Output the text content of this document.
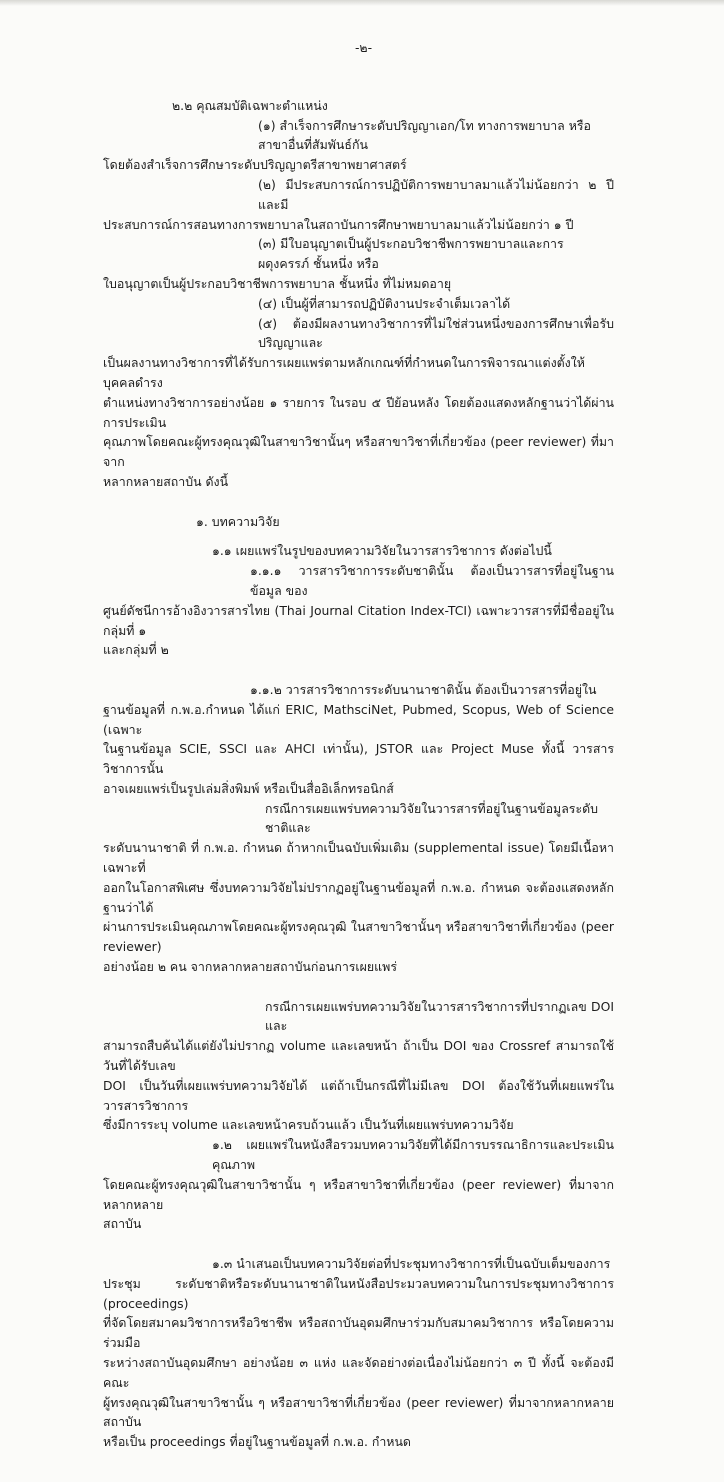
-๒-
๒.๒ คุณสมบัติเฉพาะตำแหน่ง
(๑) สำเร็จการศึกษาระดับปริญญาเอก/โท ทางการพยาบาล หรือสาขาอื่นที่สัมพันธ์กัน
โดยต้องสำเร็จการศึกษาระดับปริญญาตรีสาขาพยาศาสตร์
(๒) มีประสบการณ์การปฏิบัติการพยาบาลมาแล้วไม่น้อยกว่า ๒ ปี และมี
ประสบการณ์การสอนทางการพยาบาลในสถาบันการศึกษาพยาบาลมาแล้วไม่น้อยกว่า ๑ ปี
(๓) มีใบอนุญาตเป็นผู้ประกอบวิชาชีพการพยาบาลและการผดุงครรภ์ ชั้นหนึ่ง หรือ
ใบอนุญาตเป็นผู้ประกอบวิชาชีพการพยาบาล ชั้นหนึ่ง ที่ไม่หมดอายุ
(๔) เป็นผู้ที่สามารถปฏิบัติงานประจำเต็มเวลาได้
(๕) ต้องมีผลงานทางวิชาการที่ไม่ใช่ส่วนหนึ่งของการศึกษาเพื่อรับปริญญาและ
เป็นผลงานทางวิชาการที่ได้รับการเผยแพร่ตามหลักเกณฑ์ที่กำหนดในการพิจารณาแต่งตั้งให้บุคคลดำรง
ตำแหน่งทางวิชาการอย่างน้อย ๑ รายการ ในรอบ ๕ ปีย้อนหลัง โดยต้องแสดงหลักฐานว่าได้ผ่านการประเมิน
คุณภาพโดยคณะผู้ทรงคุณวุฒิในสาขาวิชานั้นๆ หรือสาขาวิชาที่เกี่ยวข้อง (peer reviewer) ที่มาจาก
หลากหลายสถาบัน ดังนี้
๑. บทความวิจัย
๑.๑ เผยแพร่ในรูปของบทความวิจัยในวารสารวิชาการ ดังต่อไปนี้
๑.๑.๑ วารสารวิชาการระดับชาตินั้น ต้องเป็นวารสารที่อยู่ในฐานข้อมูล ของ
ศูนย์ดัชนีการอ้างอิงวารสารไทย (Thai Journal Citation Index-TCI) เฉพาะวารสารที่มีชื่ออยู่ในกลุ่มที่ ๑
และกลุ่มที่ ๒
๑.๑.๒ วารสารวิชาการระดับนานาชาตินั้น ต้องเป็นวารสารที่อยู่ใน
ฐานข้อมูลที่ ก.พ.อ.กำหนด ได้แก่ ERIC, MathsciNet, Pubmed, Scopus, Web of Science (เฉพาะ
ในฐานข้อมูล SCIE, SSCI และ AHCI เท่านั้น), JSTOR และ Project Muse ทั้งนี้ วารสารวิชาการนั้น
อาจเผยแพร่เป็นรูปเล่มสิ่งพิมพ์ หรือเป็นสื่ออิเล็กทรอนิกส์
กรณีการเผยแพร่บทความวิจัยในวารสารที่อยู่ในฐานข้อมูลระดับชาติและ
ระดับนานาชาติ ที่ ก.พ.อ. กำหนด ถ้าหากเป็นฉบับเพิ่มเติม (supplemental issue) โดยมีเนื้อหาเฉพาะที่
ออกในโอกาสพิเศษ ซึ่งบทความวิจัยไม่ปรากฏอยู่ในฐานข้อมูลที่ ก.พ.อ. กำหนด จะต้องแสดงหลักฐานว่าได้
ผ่านการประเมินคุณภาพโดยคณะผู้ทรงคุณวุฒิ ในสาขาวิชานั้นๆ หรือสาขาวิชาที่เกี่ยวข้อง (peer reviewer)
อย่างน้อย ๒ คน จากหลากหลายสถาบันก่อนการเผยแพร่
กรณีการเผยแพร่บทความวิจัยในวารสารวิชาการที่ปรากฏเลข DOI และ
สามารถสืบค้นได้แต่ยังไม่ปรากฏ volume และเลขหน้า ถ้าเป็น DOI ของ Crossref สามารถใช้วันที่ได้รับเลข
DOI เป็นวันที่เผยแพร่บทความวิจัยได้ แต่ถ้าเป็นกรณีที่ไม่มีเลข DOI ต้องใช้วันที่เผยแพร่ในวารสารวิชาการ
ซึ่งมีการระบุ volume และเลขหน้าครบถ้วนแล้ว เป็นวันที่เผยแพร่บทความวิจัย
๑.๒ เผยแพร่ในหนังสือรวมบทความวิจัยที่ได้มีการบรรณาธิการและประเมินคุณภาพ
โดยคณะผู้ทรงคุณวุฒิในสาขาวิชานั้น ๆ หรือสาขาวิชาที่เกี่ยวข้อง (peer reviewer) ที่มาจากหลากหลาย
สถาบัน
๑.๓ นำเสนอเป็นบทความวิจัยต่อที่ประชุมทางวิชาการที่เป็นฉบับเต็มของการ
ประชุม ระดับชาติหรือระดับนานาชาติในหนังสือประมวลบทความในการประชุมทางวิชาการ (proceedings)
ที่จัดโดยสมาคมวิชาการหรือวิชาชีพ หรือสถาบันอุดมศึกษาร่วมกับสมาคมวิชาการ หรือโดยความร่วมมือ
ระหว่างสถาบันอุดมศึกษา อย่างน้อย ๓ แห่ง และจัดอย่างต่อเนื่องไม่น้อยกว่า ๓ ปี ทั้งนี้ จะต้องมีคณะ
ผู้ทรงคุณวุฒิในสาขาวิชานั้น ๆ หรือสาขาวิชาที่เกี่ยวข้อง (peer reviewer) ที่มาจากหลากหลายสถาบัน
หรือเป็น proceedings ที่อยู่ในฐานข้อมูลที่ ก.พ.อ. กำหนด
